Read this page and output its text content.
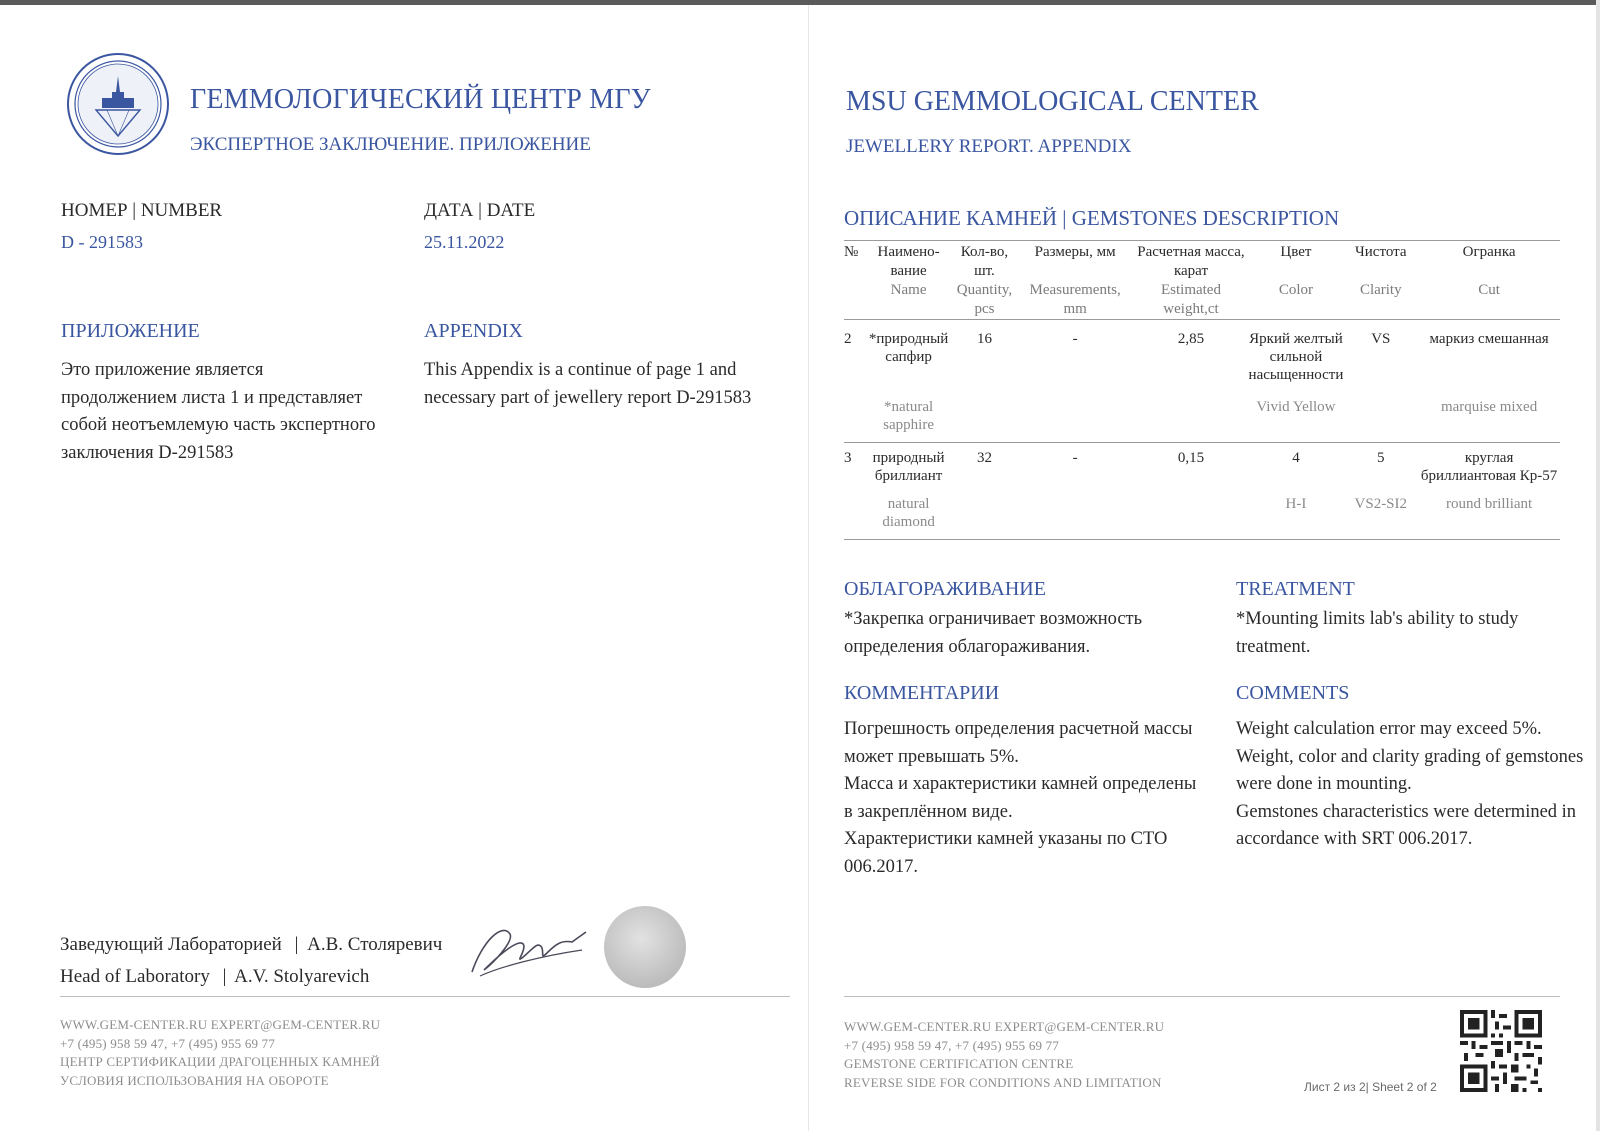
ГЕММОЛОГИЧЕСКИЙ ЦЕНТР МГУ
ЭКСПЕРТНОЕ ЗАКЛЮЧЕНИЕ. ПРИЛОЖЕНИЕ
НОМЕР | NUMBER
D - 291583
ДАТА | DATE
25.11.2022
ПРИЛОЖЕНИЕ
Это приложение является продолжением листа 1 и представляет собой неотъемлемую часть экспертного заключения D-291583
APPENDIX
This Appendix is a continue of page 1 and necessary part of jewellery report D-291583
Заведующий Лабораторией | А.В. Столяревич
Head of Laboratory | A.V. Stolyarevich
WWW.GEM-CENTER.RU EXPERT@GEM-CENTER.RU
+7 (495) 958 59 47, +7 (495) 955 69 77
ЦЕНТР СЕРТИФИКАЦИИ ДРАГОЦЕННЫХ КАМНЕЙ
УСЛОВИЯ ИСПОЛЬЗОВАНИЯ НА ОБОРОТЕ
MSU GEMMOLOGICAL CENTER
JEWELLERY REPORT. APPENDIX
ОПИСАНИЕ КАМНЕЙ | GEMSTONES DESCRIPTION
№	Наимено-вание	Кол-во, шт.	Размеры, мм	Расчетная масса, карат	Цвет	Чистота	Огранка
	Name	Quantity, pcs	Measurements, mm	Estimated weight,ct	Color	Clarity	Cut

2	*природный сапфир	16	-	2,85	Яркий желтый сильной насыщенности	VS	маркиз смешанная
	*natural sapphire				Vivid Yellow		marquise mixed

3	природный бриллиант	32	-	0,15	4	5	круглая бриллиантовая Кр-57
	natural diamond				H-I	VS2-SI2	round brilliant

ОБЛАГОРАЖИВАНИЕ
*Закрепка ограничивает возможность определения облагораживания.
TREATMENT
*Mounting limits lab's ability to study treatment.
КОММЕНТАРИИ
Погрешность определения расчетной массы может превышать 5%.
Масса и характеристики камней определены в закреплённом виде.
Характеристики камней указаны по СТО 006.2017.
COMMENTS
Weight calculation error may exceed 5%.
Weight, color and clarity grading of gemstones were done in mounting.
Gemstones characteristics were determined in accordance with SRT 006.2017.
WWW.GEM-CENTER.RU EXPERT@GEM-CENTER.RU
+7 (495) 958 59 47, +7 (495) 955 69 77
GEMSTONE CERTIFICATION CENTRE
REVERSE SIDE FOR CONDITIONS AND LIMITATION	Лист 2 из 2| Sheet 2 of 2
